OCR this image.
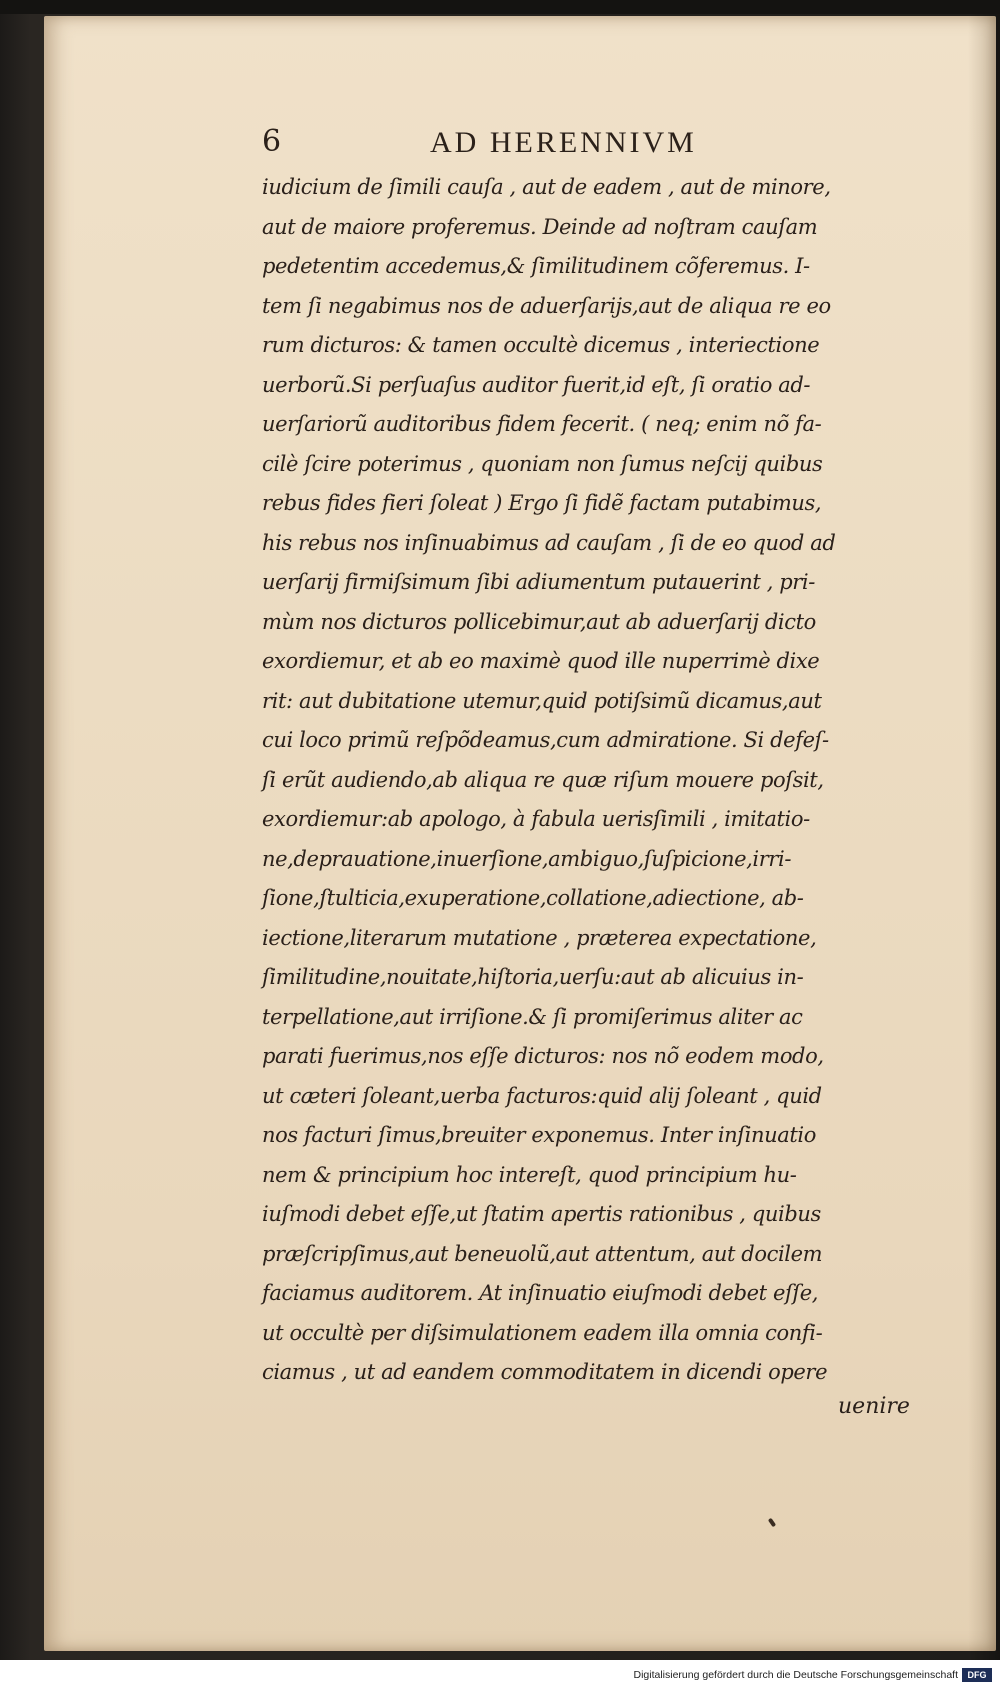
6	AD HERENNIVM
iudicium de ſimili cauſa , aut de eadem , aut de minore,
aut de maiore proferemus. Deinde ad noſtram cauſam
pedetentim accedemus,& ſimilitudinem cõferemus. I-
tem ſi negabimus nos de aduerſarijs,aut de aliqua re eo
rum dicturos: & tamen occultè dicemus , interiectione
uerborũ.Si perſuaſus auditor fuerit,id eſt, ſi oratio ad-
uerſariorũ auditoribus fidem fecerit. ( neq; enim nõ fa-
cilè ſcire poterimus , quoniam non ſumus neſcij quibus
rebus fides fieri ſoleat ) Ergo ſi fidẽ factam putabimus,
his rebus nos inſinuabimus ad cauſam , ſi de eo quod ad
uerſarij firmiſsimum ſibi adiumentum putauerint , pri-
mùm nos dicturos pollicebimur,aut ab aduerſarij dicto
exordiemur, et ab eo maximè quod ille nuperrimè dixe
rit: aut dubitatione utemur,quid potiſsimũ dicamus,aut
cui loco primũ reſpõdeamus,cum admiratione. Si defeſ-
ſi erũt audiendo,ab aliqua re quæ riſum mouere poſsit,
exordiemur:ab apologo, à fabula uerisſimili , imitatio-
ne,deprauatione,inuerſione,ambiguo,ſuſpicione,irri-
ſione,ſtulticia,exuperatione,collatione,adiectione, ab-
iectione,literarum mutatione , præterea expectatione,
ſimilitudine,nouitate,hiſtoria,uerſu:aut ab alicuius in-
terpellatione,aut irriſione.& ſi promiſerimus aliter ac
parati fuerimus,nos eſſe dicturos: nos nõ eodem modo,
ut cæteri ſoleant,uerba facturos:quid alij ſoleant , quid
nos facturi ſimus,breuiter exponemus. Inter inſinuatio
nem & principium hoc intereſt, quod principium hu-
iuſmodi debet eſſe,ut ſtatim apertis rationibus , quibus
præſcripſimus,aut beneuolũ,aut attentum, aut docilem
faciamus auditorem. At inſinuatio eiuſmodi debet eſſe,
ut occultè per diſsimulationem eadem illa omnia confi-
ciamus , ut ad eandem commoditatem in dicendi opere
uenire
Digitalisierung gefördert durch die Deutsche Forschungsgemeinschaft	DFG
